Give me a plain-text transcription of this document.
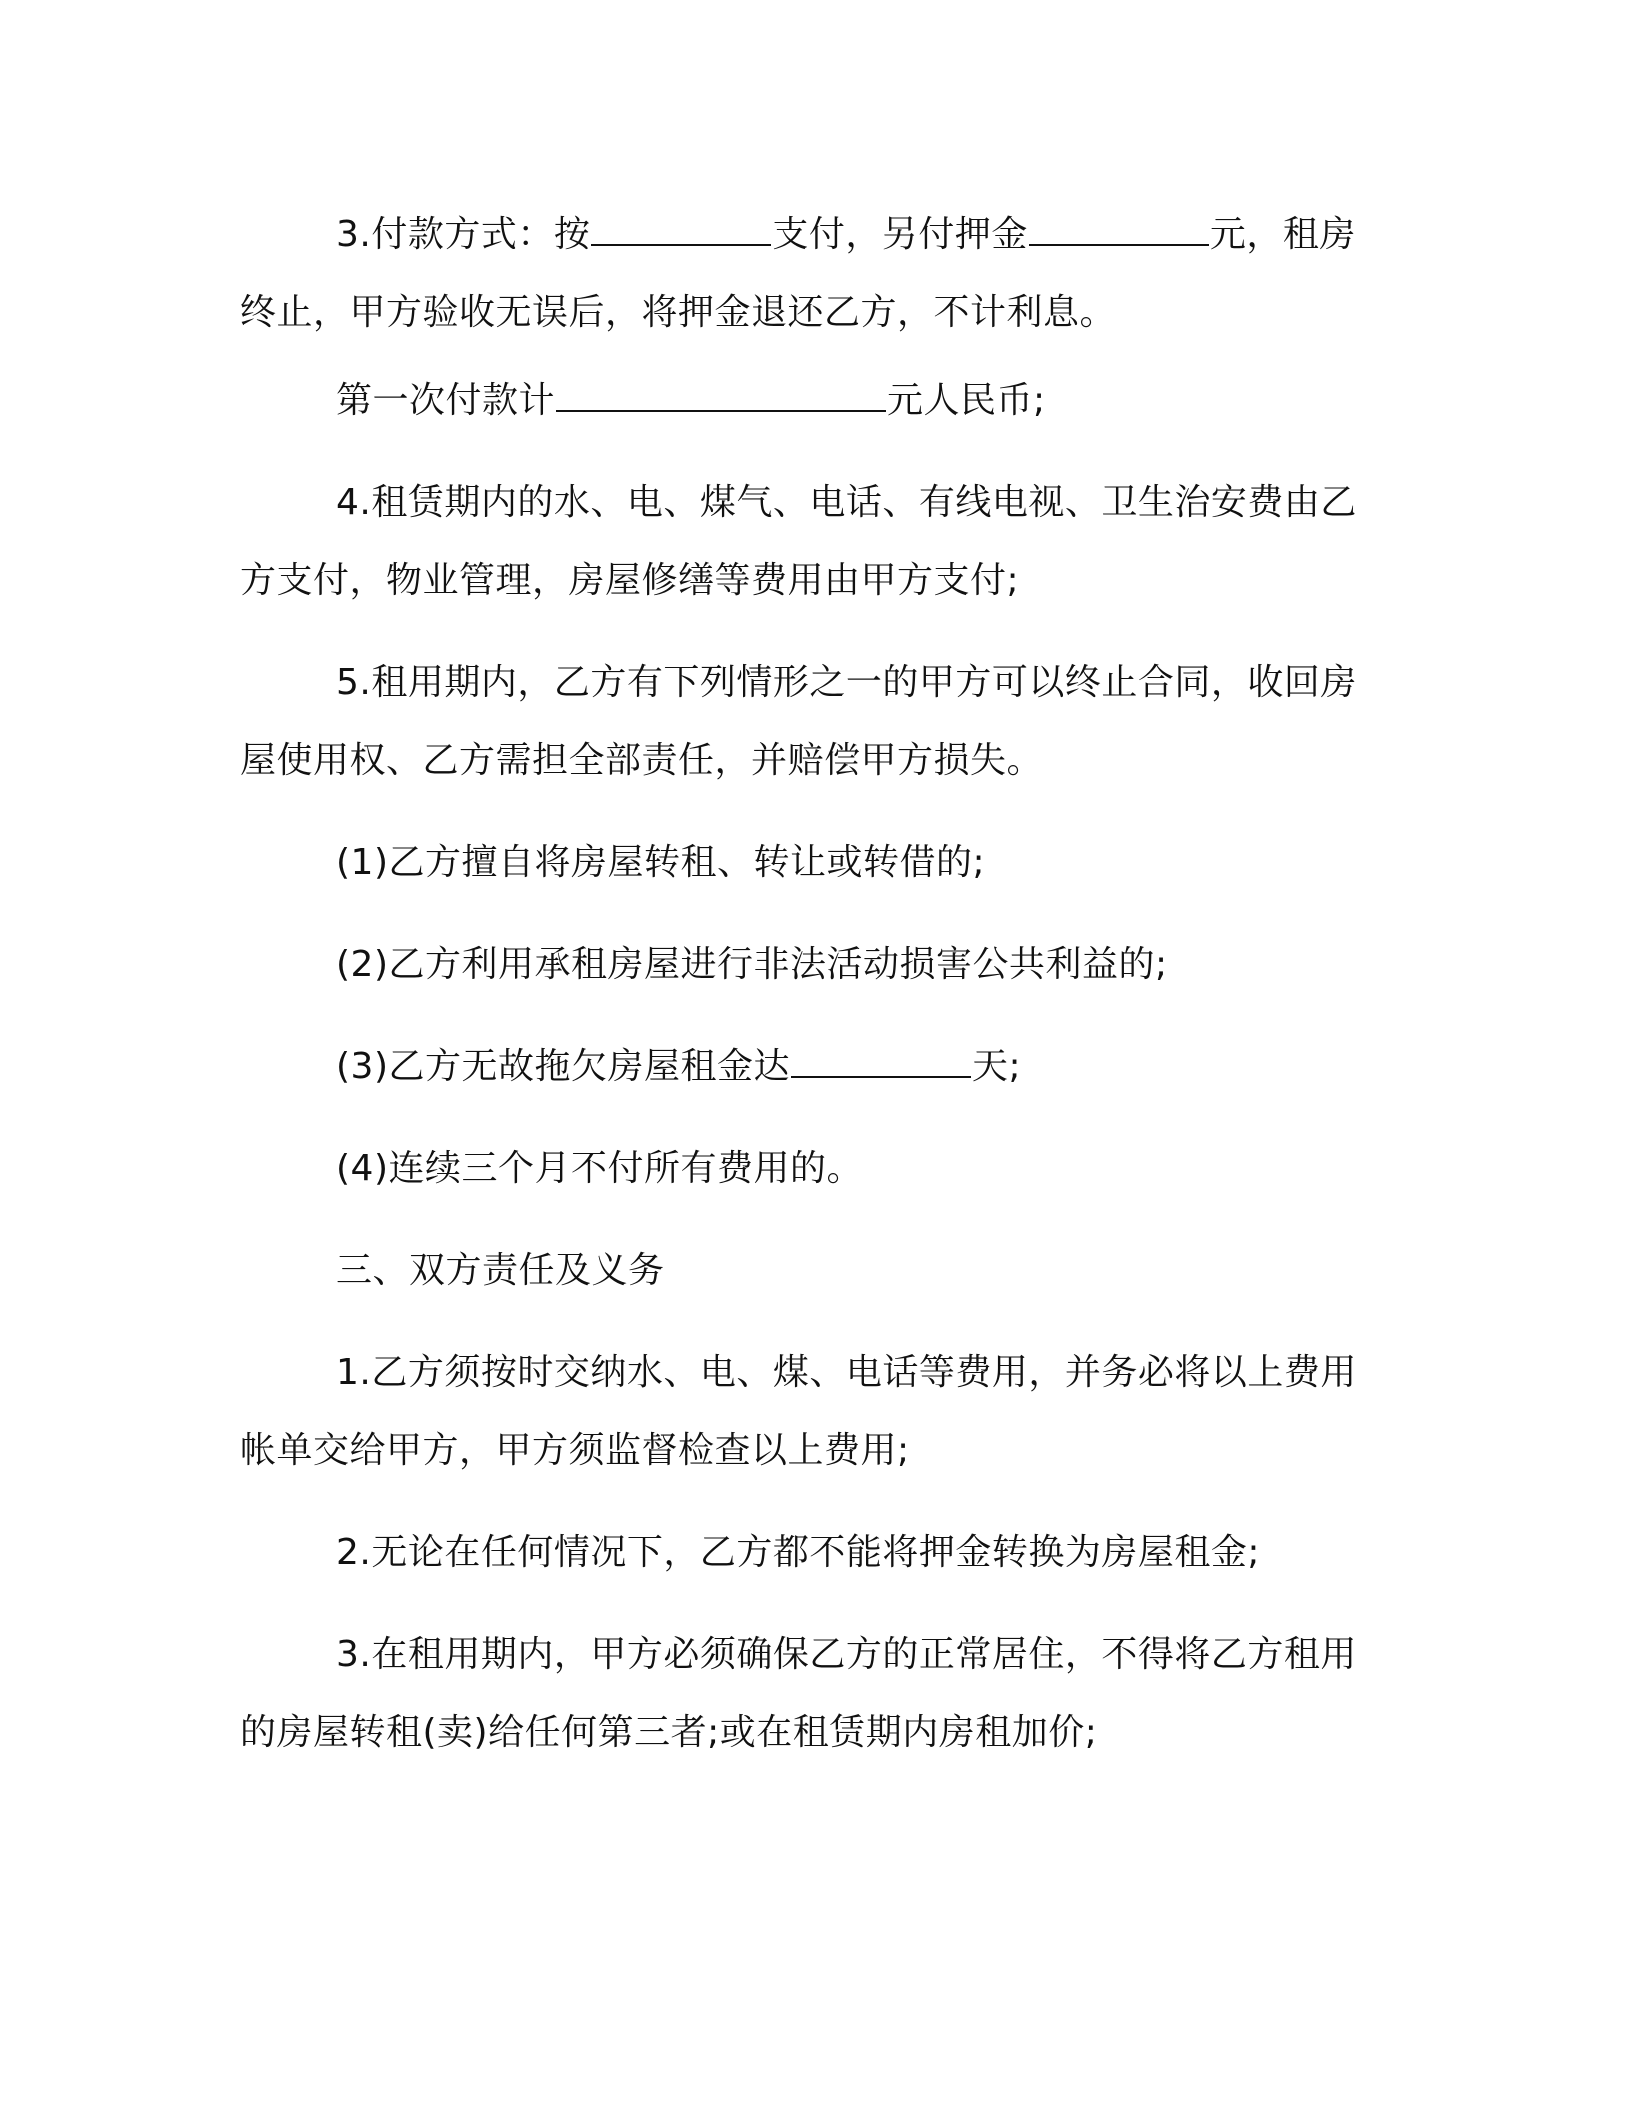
3.付款方式：按	支付，另付押金	元，租房终止，甲方验收无误后，将押金退还乙方，不计利息。

第一次付款计	元人民币;

4.租赁期内的水、电、煤气、电话、有线电视、卫生治安费由乙方支付，物业管理，房屋修缮等费用由甲方支付;

5.租用期内，乙方有下列情形之一的甲方可以终止合同，收回房屋使用权、乙方需担全部责任，并赔偿甲方损失。

(1)乙方擅自将房屋转租、转让或转借的;

(2)乙方利用承租房屋进行非法活动损害公共利益的;

(3)乙方无故拖欠房屋租金达	天;

(4)连续三个月不付所有费用的。

三、双方责任及义务

1.乙方须按时交纳水、电、煤、电话等费用，并务必将以上费用帐单交给甲方，甲方须监督检查以上费用;

2.无论在任何情况下，乙方都不能将押金转换为房屋租金;

3.在租用期内，甲方必须确保乙方的正常居住，不得将乙方租用的房屋转租(卖)给任何第三者;或在租赁期内房租加价;
